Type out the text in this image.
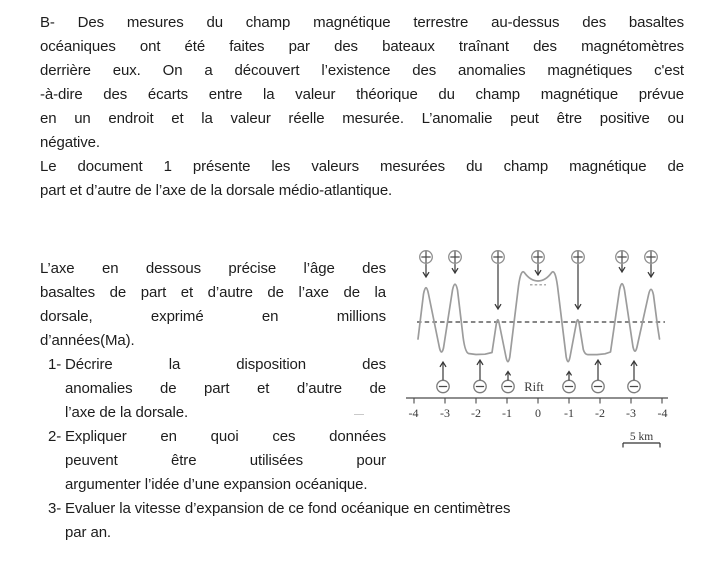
B- Des mesures du champ magnétique terrestre au-dessus des basaltes
océaniques ont été faites par des bateaux traînant des magnétomètres
derrière eux. On a découvert l’existence des anomalies magnétiques c'est
-à-dire des écarts entre la valeur théorique du champ magnétique prévue
en un endroit et la valeur réelle mesurée. L’anomalie peut être positive ou
négative.
Le document 1 présente les valeurs mesurées du champ magnétique de
part et d’autre de l’axe de la dorsale médio-atlantique.
L’axe en dessous précise l’âge des
basaltes de part et d’autre de l’axe de la
dorsale, exprimé en millions
d’années(Ma).
1- Décrire la disposition des
anomalies de part et d’autre de
l’axe de la dorsale.
2- Expliquer en quoi ces données
peuvent être utilisées pour
argumenter l’idée d’une expansion océanique.
3- Evaluer la vitesse d’expansion de ce fond océanique en centimètres
par an.
Rift
-4 -3 -2 -1 0 -1 -2 -3 -4
5 km
